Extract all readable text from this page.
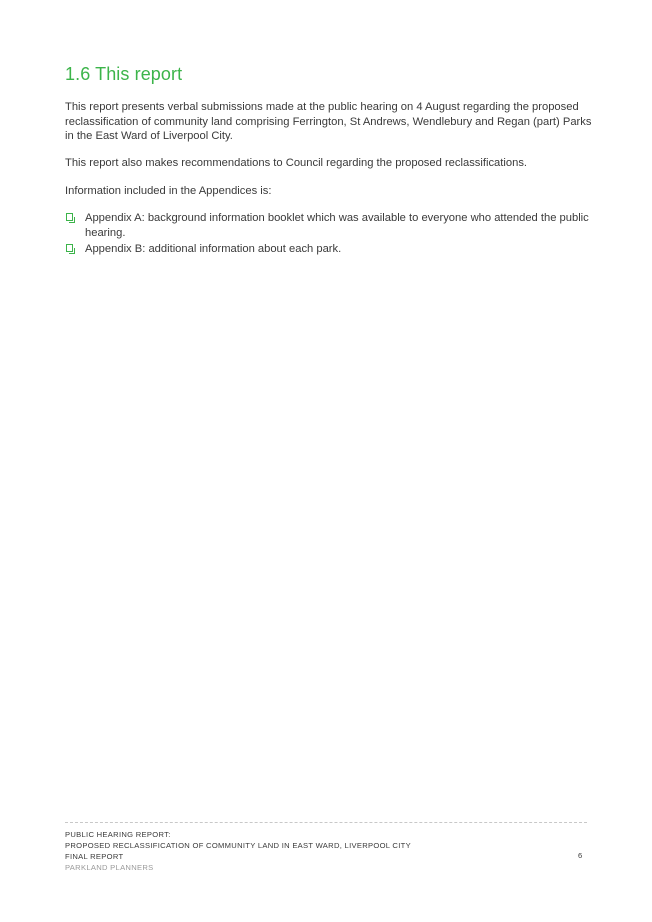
1.6 This report

This report presents verbal submissions made at the public hearing on 4 August regarding the proposed reclassification of community land comprising Ferrington, St Andrews, Wendlebury and Regan (part) Parks in the East Ward of Liverpool City.

This report also makes recommendations to Council regarding the proposed reclassifications.

Information included in the Appendices is:

Appendix A: background information booklet which was available to everyone who attended the public hearing.
Appendix B: additional information about each park.
PUBLIC HEARING REPORT:
PROPOSED RECLASSIFICATION OF COMMUNITY LAND IN EAST WARD, LIVERPOOL CITY
FINAL REPORT
PARKLAND PLANNERS
6
